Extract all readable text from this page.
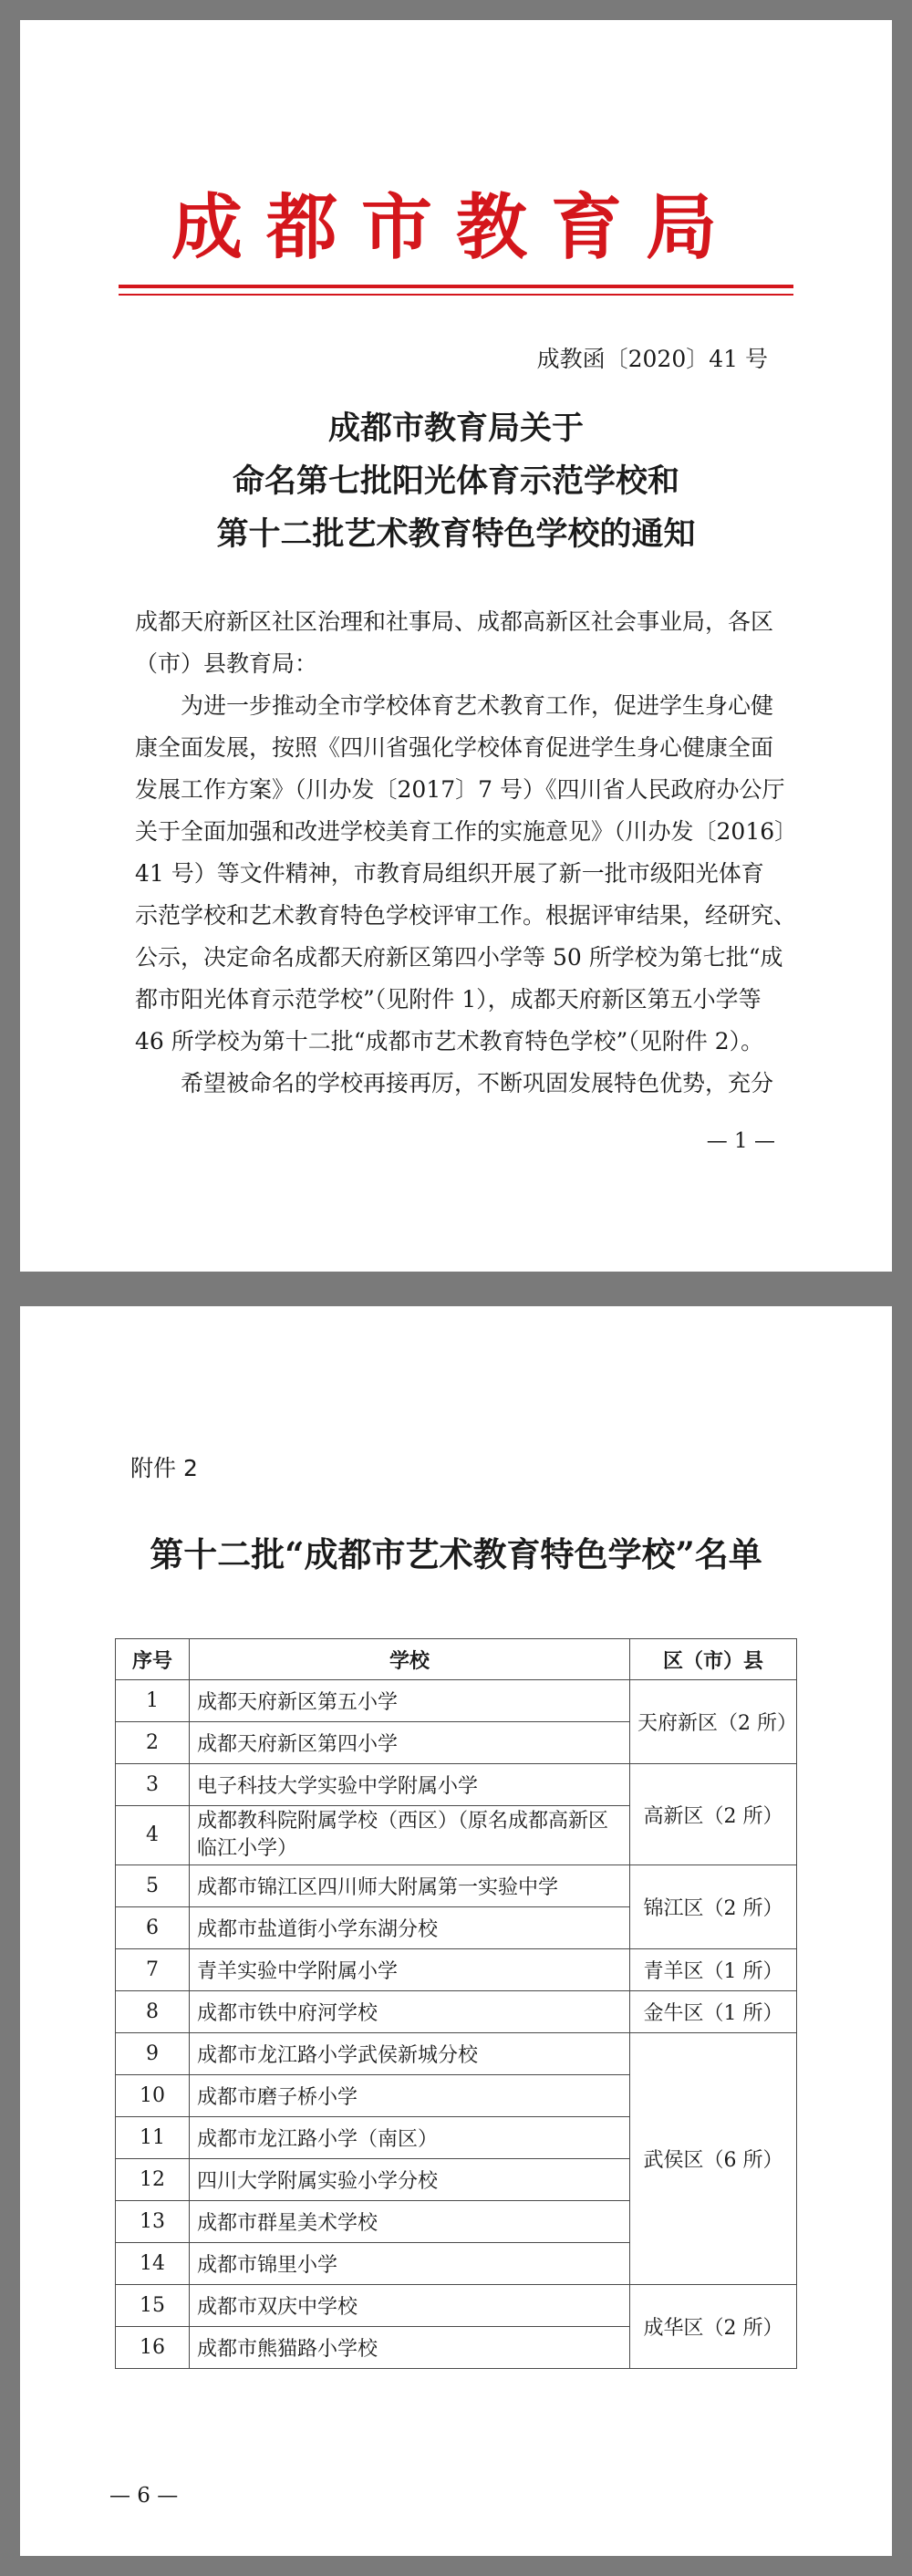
成都市教育局
成教函〔2020〕41 号
成都市教育局关于
命名第七批阳光体育示范学校和
第十二批艺术教育特色学校的通知
成都天府新区社区治理和社事局、成都高新区社会事业局，各区
（市）县教育局：
为进一步推动全市学校体育艺术教育工作，促进学生身心健
康全面发展，按照《四川省强化学校体育促进学生身心健康全面
发展工作方案》（川办发〔2017〕7 号）《四川省人民政府办公厅
关于全面加强和改进学校美育工作的实施意见》（川办发〔2016〕
41 号）等文件精神，市教育局组织开展了新一批市级阳光体育
示范学校和艺术教育特色学校评审工作。根据评审结果，经研究、
公示，决定命名成都天府新区第四小学等 50 所学校为第七批“成
都市阳光体育示范学校”（见附件 1），成都天府新区第五小学等
46 所学校为第十二批“成都市艺术教育特色学校”（见附件 2）。
希望被命名的学校再接再厉，不断巩固发展特色优势，充分
— 1 —
附件 2
第十二批“成都市艺术教育特色学校”名单
序号	学校	区（市）县
1	成都天府新区第五小学	天府新区（2 所）
2	成都天府新区第四小学	
3	电子科技大学实验中学附属小学	高新区（2 所）
4	成都教科院附属学校（西区）（原名成都高新区
临江小学）	
5	成都市锦江区四川师大附属第一实验中学	锦江区（2 所）
6	成都市盐道街小学东湖分校	
7	青羊实验中学附属小学	青羊区（1 所）
8	成都市铁中府河学校	金牛区（1 所）
9	成都市龙江路小学武侯新城分校	武侯区（6 所）
10	成都市磨子桥小学	
11	成都市龙江路小学（南区）	
12	四川大学附属实验小学分校	
13	成都市群星美术学校	
14	成都市锦里小学	
15	成都市双庆中学校	成华区（2 所）
16	成都市熊猫路小学校	
— 6 —
